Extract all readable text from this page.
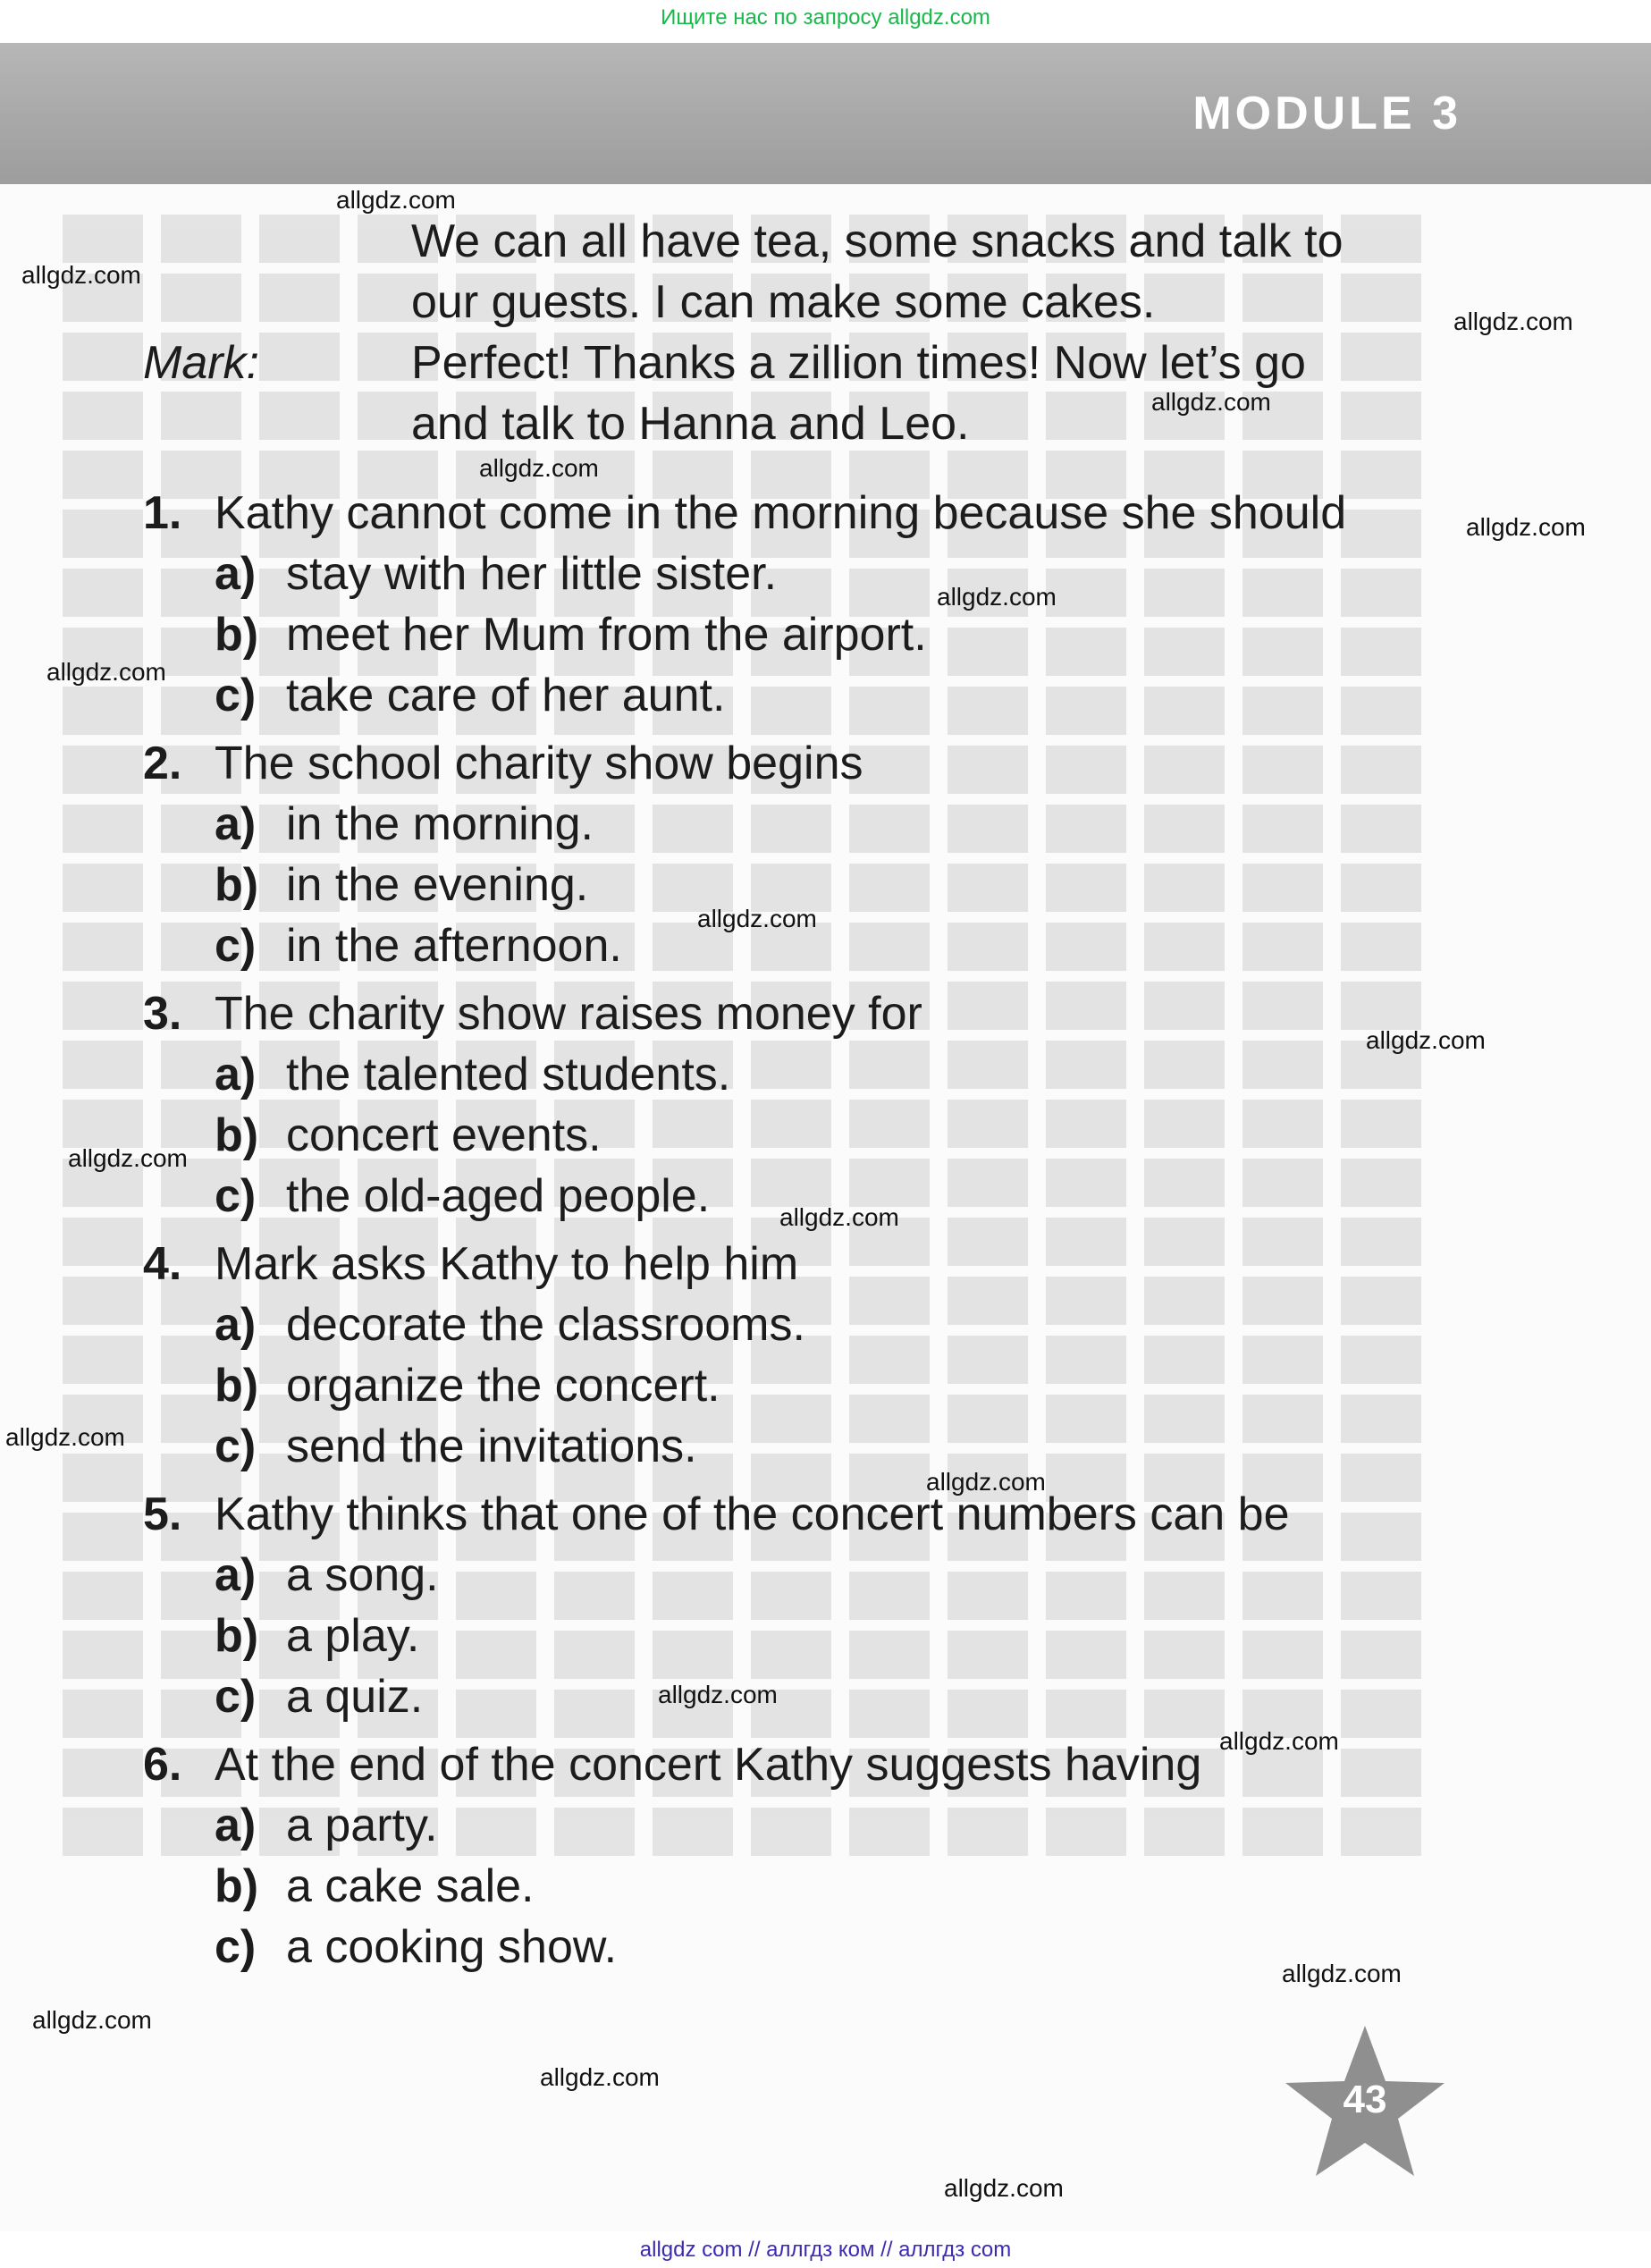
Ищите нас по запросу allgdz.com
MODULE 3
We can all have tea, some snacks and talk to
our guests. I can make some cakes.
Mark:	Perfect! Thanks a zillion times! Now let’s go
and talk to Hanna and Leo.
1. Kathy cannot come in the morning because she should
a) stay with her little sister.
b) meet her Mum from the airport.
c) take care of her aunt.
2. The school charity show begins
a) in the morning.
b) in the evening.
c) in the afternoon.
3. The charity show raises money for
a) the talented students.
b) concert events.
c) the old-aged people.
4. Mark asks Kathy to help him
a) decorate the classrooms.
b) organize the concert.
c) send the invitations.
5. Kathy thinks that one of the concert numbers can be
a) a song.
b) a play.
c) a quiz.
6. At the end of the concert Kathy suggests having
a) a party.
b) a cake sale.
c) a cooking show.
43
allgdz.com
allgdz.com
allgdz.com
allgdz.com
allgdz.com
allgdz.com
allgdz.com
allgdz.com
allgdz.com
allgdz.com
allgdz.com
allgdz.com
allgdz.com
allgdz.com
allgdz.com
allgdz.com
allgdz.com
allgdz.com
allgdz.com
allgdz.com
allgdz com // аллгдз ком // аллгдз com
